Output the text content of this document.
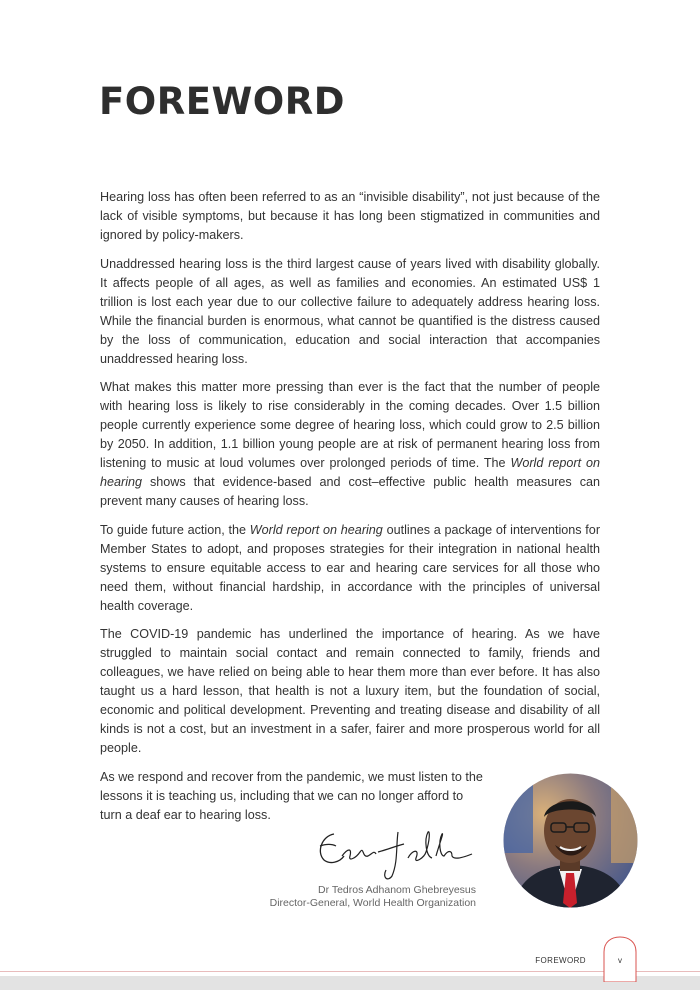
FOREWORD

Hearing loss has often been referred to as an “invisible disability”, not just because of the lack of visible symptoms, but because it has long been stigmatized in communities and ignored by policy-makers.

Unaddressed hearing loss is the third largest cause of years lived with disability globally. It affects people of all ages, as well as families and economies. An estimated US$ 1 trillion is lost each year due to our collective failure to adequately address hearing loss. While the financial burden is enormous, what cannot be quantified is the distress caused by the loss of communication, education and social interaction that accompanies unaddressed hearing loss.

What makes this matter more pressing than ever is the fact that the number of people with hearing loss is likely to rise considerably in the coming decades. Over 1.5 billion people currently experience some degree of hearing loss, which could grow to 2.5 billion by 2050. In addition, 1.1 billion young people are at risk of permanent hearing loss from listening to music at loud volumes over prolonged periods of time. The World report on hearing shows that evidence-based and cost–effective public health measures can prevent many causes of hearing loss.

To guide future action, the World report on hearing outlines a package of interventions for Member States to adopt, and proposes strategies for their integration in national health systems to ensure equitable access to ear and hearing care services for all those who need them, without financial hardship, in accordance with the principles of universal health coverage.

The COVID-19 pandemic has underlined the importance of hearing. As we have struggled to maintain social contact and remain connected to family, friends and colleagues, we have relied on being able to hear them more than ever before. It has also taught us a hard lesson, that health is not a luxury item, but the foundation of social, economic and political development. Preventing and treating disease and disability of all kinds is not a cost, but an investment in a safer, fairer and more prosperous world for all people.

As we respond and recover from the pandemic, we must listen to the lessons it is teaching us, including that we can no longer afford to turn a deaf ear to hearing loss.

Dr Tedros Adhanom Ghebreyesus
Director-General, World Health Organization
FOREWORD	v
